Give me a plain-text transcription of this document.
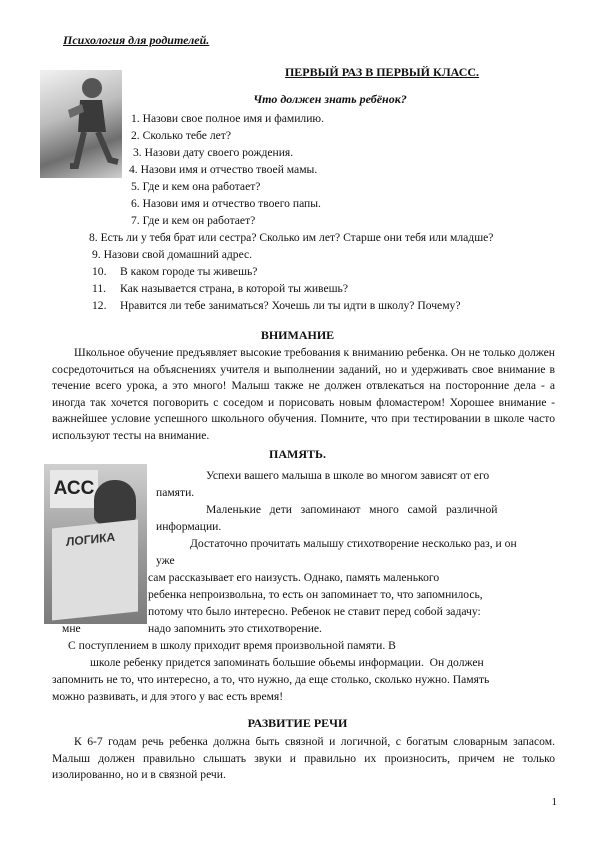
Психология для родителей.
ПЕРВЫЙ РАЗ В ПЕРВЫЙ КЛАСС.
Что должен знать ребёнок?
1. Назови свое полное имя и фамилию.
2. Сколько тебе лет?
3. Назови дату своего рождения.
4. Назови имя и отчество твоей мамы.
5. Где и кем она работает?
6. Назови имя и отчество твоего папы.
7. Где и кем он работает?
8. Есть ли у тебя брат или сестра? Сколько им лет? Старше они тебя или младше?
9. Назови свой домашний адрес.
10. В каком городе ты живешь?
11. Как называется страна, в которой ты живешь?
12. Нравится ли тебе заниматься? Хочешь ли ты идти в школу? Почему?
ВНИМАНИЕ
Школьное обучение предъявляет высокие требования к вниманию ребенка. Он не только должен сосредоточиться на объяснениях учителя и выполнении заданий, но и удерживать свое внимание в течение всего урока, а это много! Малыш также не должен отвлекаться на посторонние дела - а иногда так хочется поговорить с соседом и порисовать новым фломастером! Хорошее внимание - важнейшее условие успешного школьного обучения. Помните, что при тестировании в школе часто используют тесты на внимание.
ПАМЯТЬ.
АСС
ЛОГИКА
Успехи вашего малыша в школе во многом зависят от его
памяти.
Маленькие   дети   запоминают   много   самой   различной
информации.
Достаточно прочитать малышу стихотворение несколько раз, и он
уже
сам рассказывает его наизусть. Однако, память маленького
ребенка непроизвольна, то есть он запоминает то, что запомнилось,
потому что было интересно. Ребенок не ставит перед собой задачу:
мне	надо запомнить это стихотворение.
С поступлением в школу приходит время произвольной памяти. В
школе ребенку придется запоминать большие обьемы информации.  Он должен
запомнить не то, что интересно, а то, что нужно, да еще столько, сколько нужно. Память
можно развивать, и для этого у вас есть время!
РАЗВИТИЕ РЕЧИ
К 6-7 годам речь ребенка должна быть связной и логичной, с богатым словарным запасом. Малыш должен правильно слышать звуки и правильно их произносить, причем не только изолированно, но и в связной речи.
1
